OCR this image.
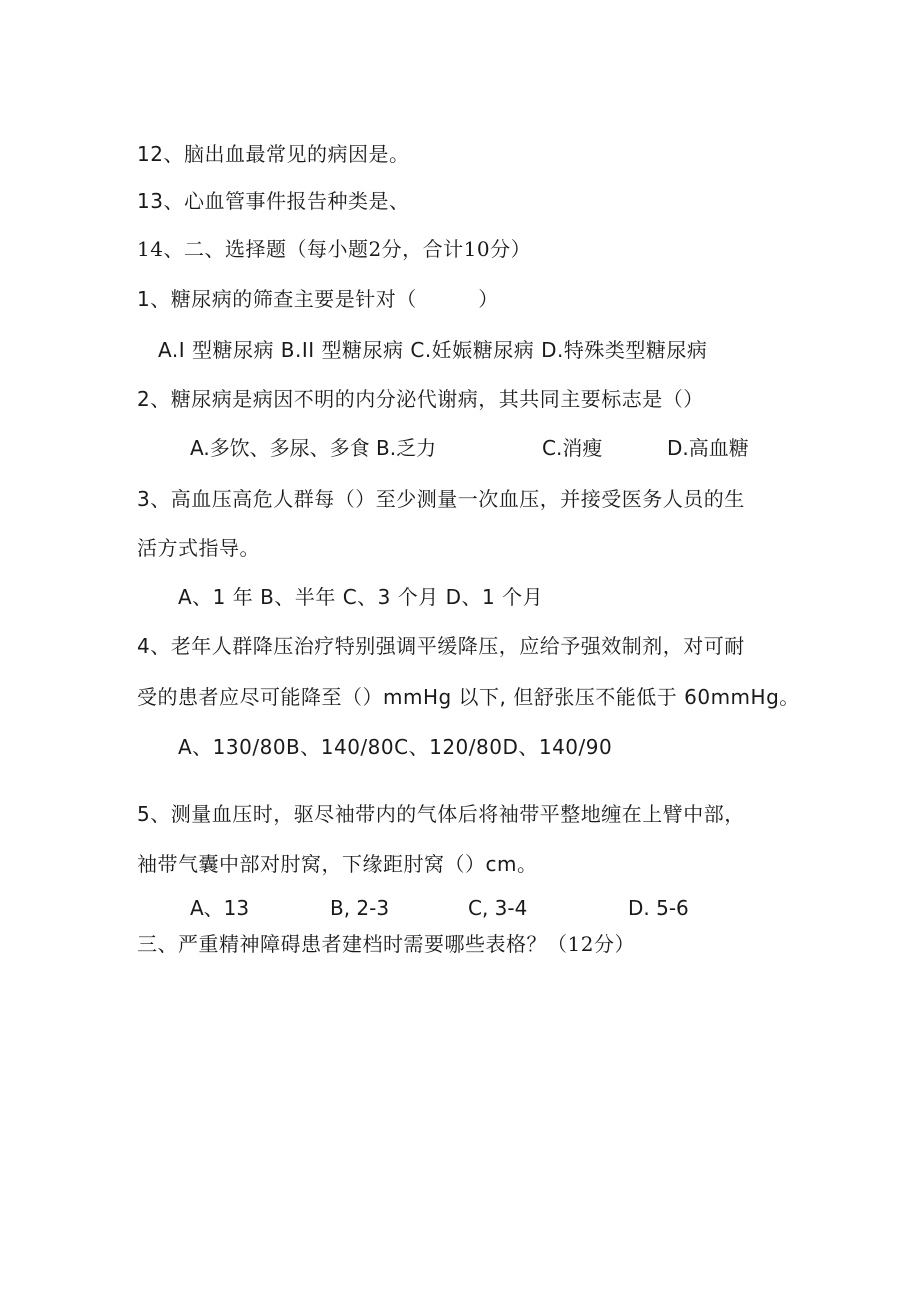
12、脑出血最常见的病因是。
13、心血管事件报告种类是、
14、二、选择题（每小题2分，合计10分）
1、糖尿病的筛查主要是针对（　　　）
A.I 型糖尿病 B.II 型糖尿病 C.妊娠糖尿病 D.特殊类型糖尿病
2、糖尿病是病因不明的内分泌代谢病，其共同主要标志是（）
A.多饮、多尿、多食 B.乏力	C.消瘦	D.高血糖
3、高血压高危人群每（）至少测量一次血压，并接受医务人员的生
活方式指导。
A、1 年 B、半年 C、3 个月 D、1 个月
4、老年人群降压治疗特别强调平缓降压，应给予强效制剂，对可耐
受的患者应尽可能降至（）mmHg 以下, 但舒张压不能低于 60mmHg。
A、130/80B、140/80C、120/80D、140/90
5、测量血压时，驱尽袖带内的气体后将袖带平整地缠在上臂中部，
袖带气囊中部对肘窝，下缘距肘窝（）cm。
A、13	B, 2-3	C, 3-4	D. 5-6
三、严重精神障碍患者建档时需要哪些表格？（12分）
